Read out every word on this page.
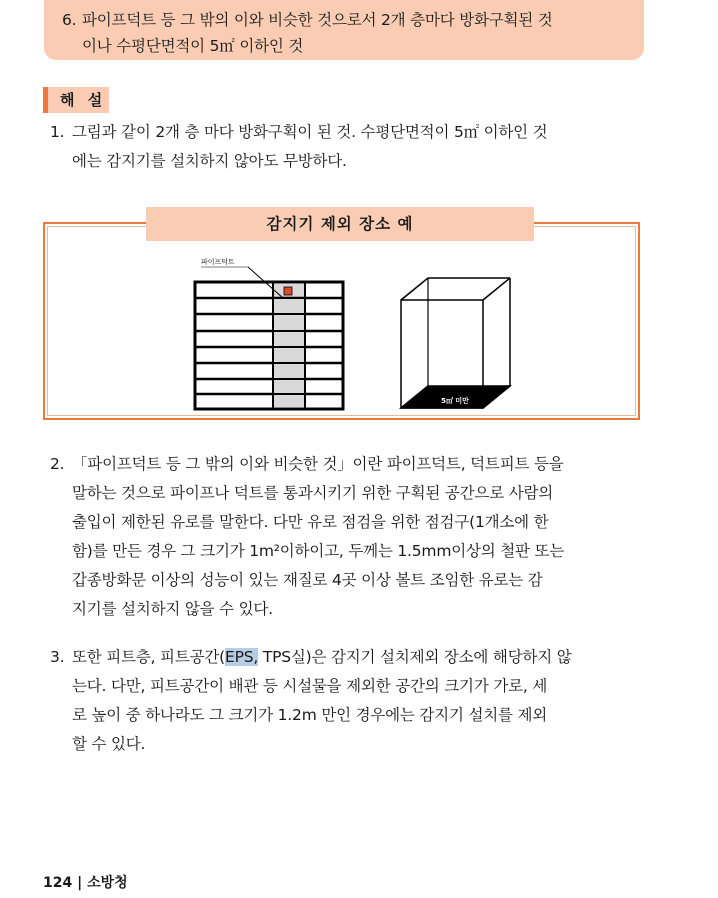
6. 파이프덕트 등 그 밖의 이와 비슷한 것으로서 2개 층마다 방화구획된 것
이나 수평단면적이 5㎡ 이하인 것
해 설
1. 그림과 같이 2개 층 마다 방화구획이 된 것. 수평단면적이 5㎡ 이하인 것
에는 감지기를 설치하지 않아도 무방하다.
감지기 제외 장소 예
파이프덕트
5㎡ 미만
2. 「파이프덕트 등 그 밖의 이와 비슷한 것」이란 파이프덕트, 덕트피트 등을
말하는 것으로 파이프나 덕트를 통과시키기 위한 구획된 공간으로 사람의
출입이 제한된 유로를 말한다. 다만 유로 점검을 위한 점검구(1개소에 한
함)를 만든 경우 그 크기가 1m²이하이고, 두께는 1.5mm이상의 철판 또는
갑종방화문 이상의 성능이 있는 재질로 4곳 이상 볼트 조임한 유로는 감
지기를 설치하지 않을 수 있다.
3. 또한 피트층, 피트공간(EPS, TPS실)은 감지기 설치제외 장소에 해당하지 않
는다. 다만, 피트공간이 배관 등 시설물을 제외한 공간의 크기가 가로, 세
로 높이 중 하나라도 그 크기가 1.2m 만인 경우에는 감지기 설치를 제외
할 수 있다.
124 | 소방청
